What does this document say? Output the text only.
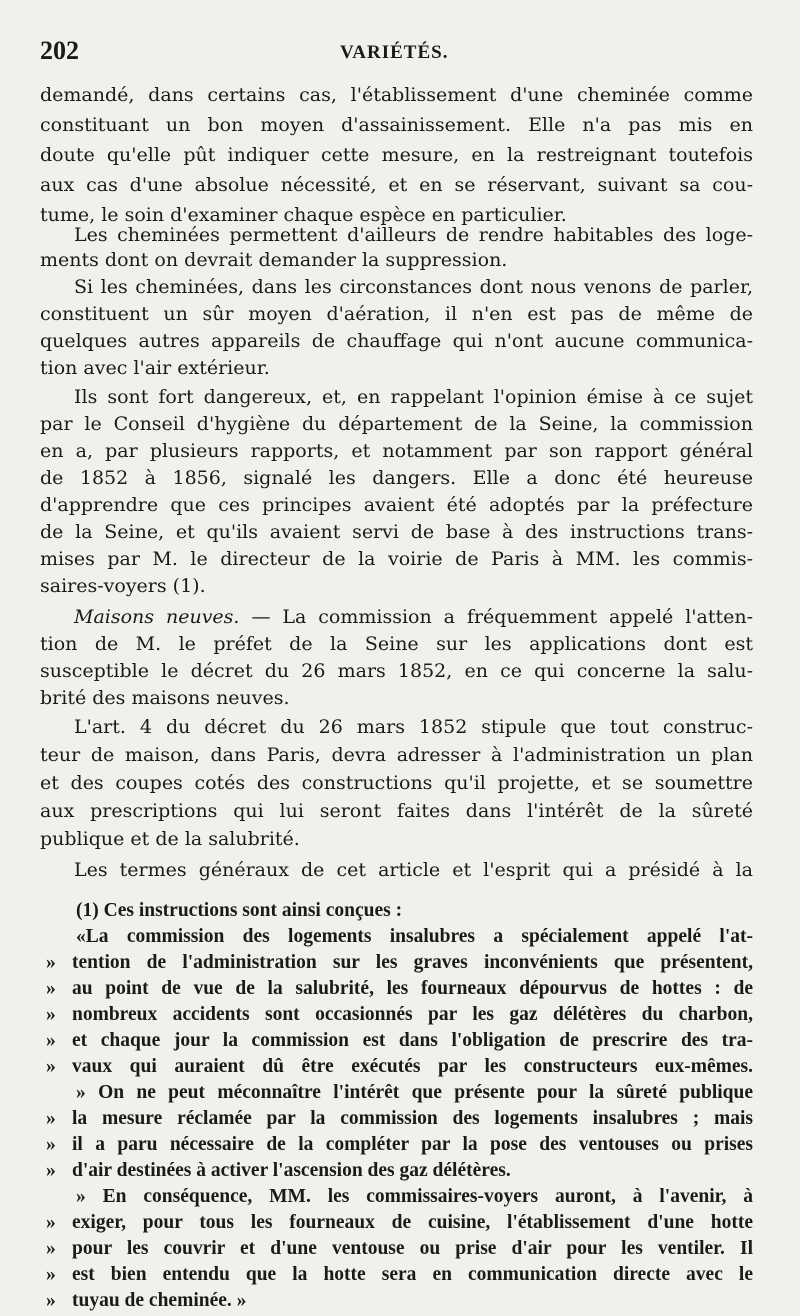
202	VARIÉTÉS.
demandé, dans certains cas, l'établissement d'une cheminée comme
constituant un bon moyen d'assainissement. Elle n'a pas mis en
doute qu'elle pût indiquer cette mesure, en la restreignant toutefois
aux cas d'une absolue nécessité, et en se réservant, suivant sa cou-
tume, le soin d'examiner chaque espèce en particulier.
Les cheminées permettent d'ailleurs de rendre habitables des loge-
ments dont on devrait demander la suppression.
Si les cheminées, dans les circonstances dont nous venons de parler,
constituent un sûr moyen d'aération, il n'en est pas de même de
quelques autres appareils de chauffage qui n'ont aucune communica-
tion avec l'air extérieur.
Ils sont fort dangereux, et, en rappelant l'opinion émise à ce sujet
par le Conseil d'hygiène du département de la Seine, la commission
en a, par plusieurs rapports, et notamment par son rapport général
de 1852 à 1856, signalé les dangers. Elle a donc été heureuse
d'apprendre que ces principes avaient été adoptés par la préfecture
de la Seine, et qu'ils avaient servi de base à des instructions trans-
mises par M. le directeur de la voirie de Paris à MM. les commis-
saires-voyers (1).
Maisons neuves. — La commission a fréquemment appelé l'atten-
tion de M. le préfet de la Seine sur les applications dont est
susceptible le décret du 26 mars 1852, en ce qui concerne la salu-
brité des maisons neuves.
L'art. 4 du décret du 26 mars 1852 stipule que tout construc-
teur de maison, dans Paris, devra adresser à l'administration un plan
et des coupes cotés des constructions qu'il projette, et se soumettre
aux prescriptions qui lui seront faites dans l'intérêt de la sûreté
publique et de la salubrité.
Les termes généraux de cet article et l'esprit qui a présidé à la
(1) Ces instructions sont ainsi conçues :
«La commission des logements insalubres a spécialement appelé l'at-
» tention de l'administration sur les graves inconvénients que présentent,
» au point de vue de la salubrité, les fourneaux dépourvus de hottes : de
» nombreux accidents sont occasionnés par les gaz délétères du charbon,
» et chaque jour la commission est dans l'obligation de prescrire des tra-
» vaux qui auraient dû être exécutés par les constructeurs eux-mêmes.
» On ne peut méconnaître l'intérêt que présente pour la sûreté publique
» la mesure réclamée par la commission des logements insalubres ; mais
» il a paru nécessaire de la compléter par la pose des ventouses ou prises
» d'air destinées à activer l'ascension des gaz délétères.
» En conséquence, MM. les commissaires-voyers auront, à l'avenir, à
» exiger, pour tous les fourneaux de cuisine, l'établissement d'une hotte
» pour les couvrir et d'une ventouse ou prise d'air pour les ventiler. Il
» est bien entendu que la hotte sera en communication directe avec le
» tuyau de cheminée. »
